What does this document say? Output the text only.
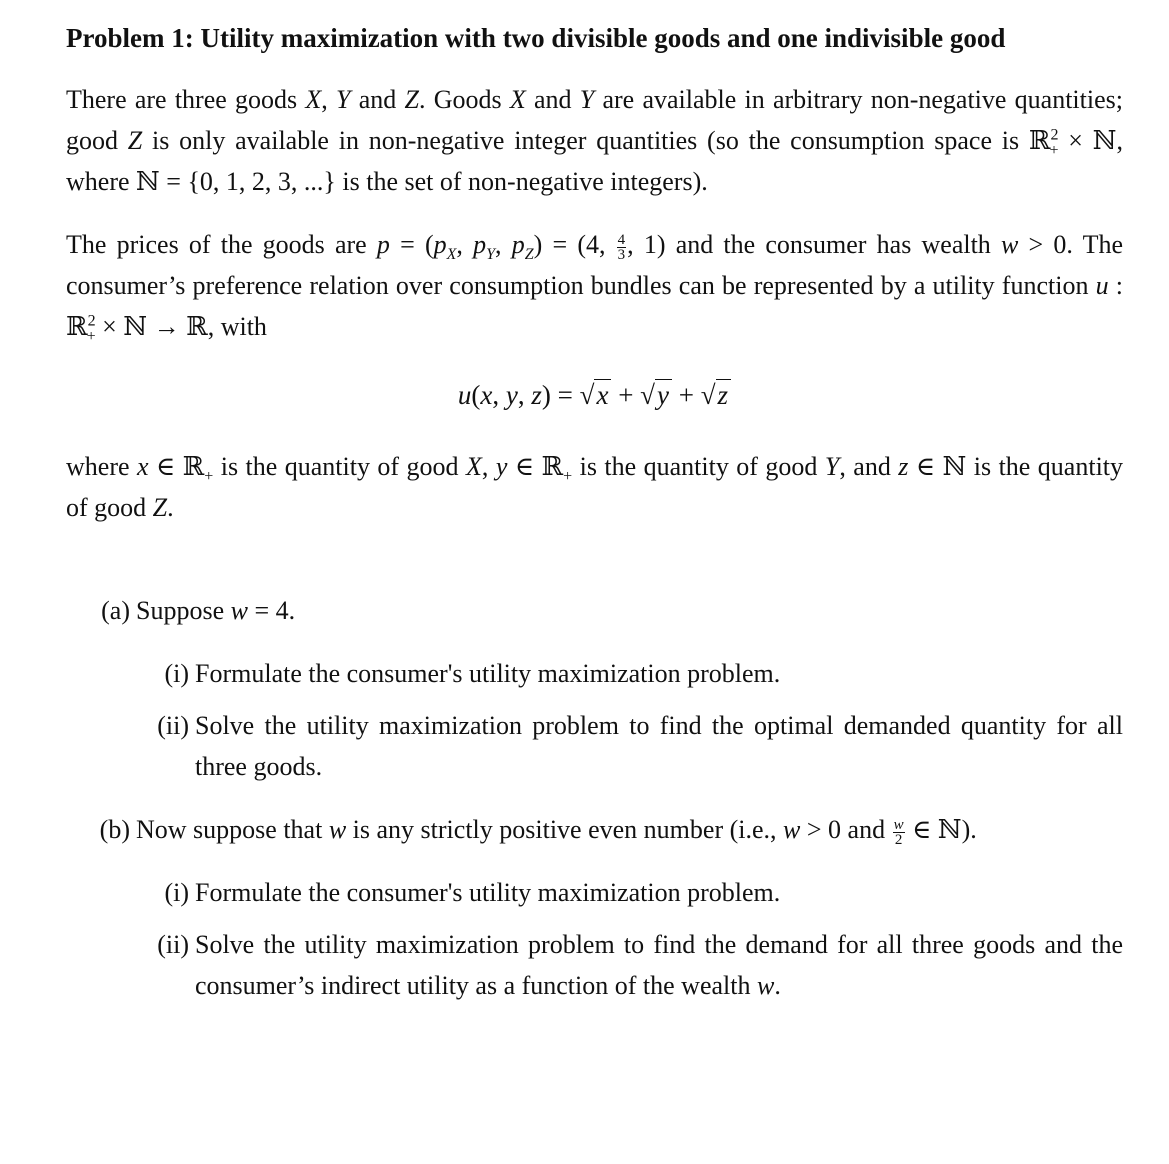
Problem 1: Utility maximization with two divisible goods and one indivisible good

There are three goods X, Y and Z. Goods X and Y are available in arbitrary non-negative quantities; good Z is only available in non-negative integer quantities (so the consumption space is ℝ$^2_+$ × ℕ, where ℕ = {0, 1, 2, 3, ...} is the set of non-negative integers).

The prices of the goods are $p = (p_X$, $p_Y$, $p_Z) = (4$, $\frac{4}{3}$ , 1) and the consumer has wealth w > 0. The consumer’s preference relation over consumption bundles can be represented by a utility function u : ℝ$^2_+$ × ℕ → ℝ, with

u(x, y, z) = √x + √y + √z

where x ∈ ℝ$_+$ is the quantity of good X, y ∈ ℝ$_+$ is the quantity of good Y, and z ∈ ℕ is the quantity of good Z.

(a) Suppose w = 4.
(i) Formulate the consumer's utility maximization problem.
(ii) Solve the utility maximization problem to find the optimal demanded quantity for all three goods.
(b) Now suppose that w is any strictly positive even number (i.e., w > 0 and $\frac{w}{2}$ ∈ ℕ).
(i) Formulate the consumer's utility maximization problem.
(ii) Solve the utility maximization problem to find the demand for all three goods and the consumer’s indirect utility as a function of the wealth w.
